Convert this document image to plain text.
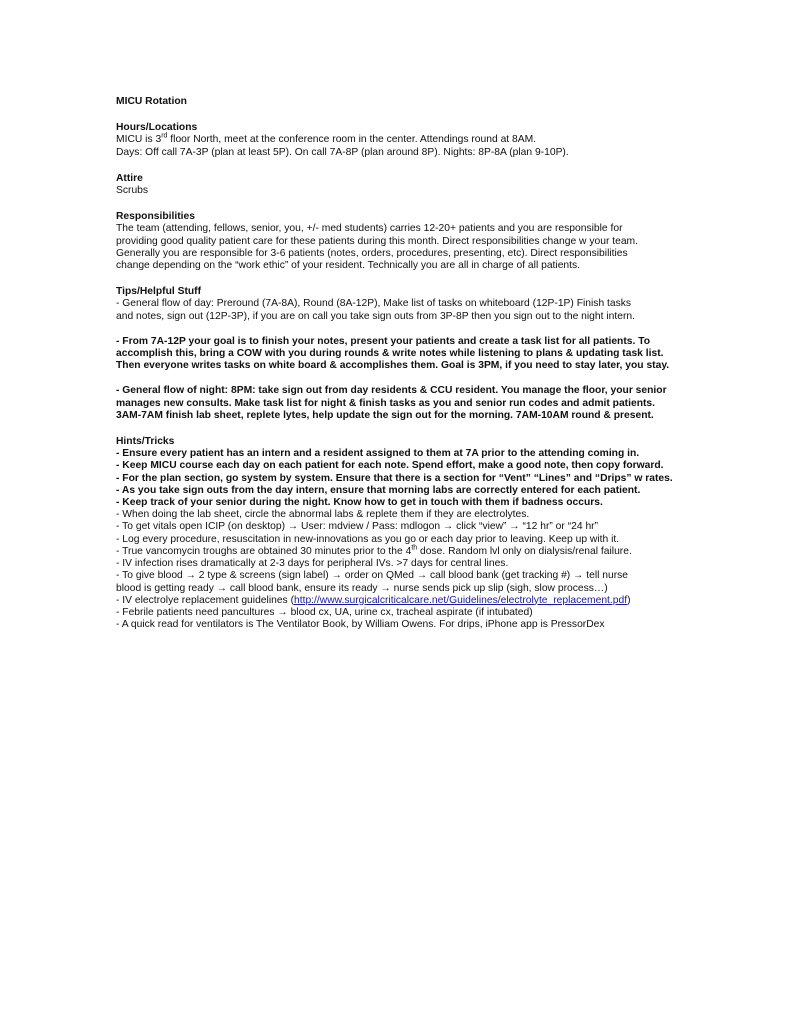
MICU Rotation
Hours/Locations
MICU is 3rd floor North, meet at the conference room in the center. Attendings round at 8AM.
Days: Off call 7A-3P (plan at least 5P). On call 7A-8P (plan around 8P). Nights: 8P-8A (plan 9-10P).
Attire
Scrubs
Responsibilities
The team (attending, fellows, senior, you, +/- med students) carries 12-20+ patients and you are responsible for
providing good quality patient care for these patients during this month. Direct responsibilities change w your team.
Generally you are responsible for 3-6 patients (notes, orders, procedures, presenting, etc). Direct responsibilities
change depending on the “work ethic” of your resident. Technically you are all in charge of all patients.
Tips/Helpful Stuff
- General flow of day: Preround (7A-8A), Round (8A-12P), Make list of tasks on whiteboard (12P-1P) Finish tasks
and notes, sign out (12P-3P), if you are on call you take sign outs from 3P-8P then you sign out to the night intern.
- From 7A-12P your goal is to finish your notes, present your patients and create a task list for all patients. To
accomplish this, bring a COW with you during rounds & write notes while listening to plans & updating task list.
Then everyone writes tasks on white board & accomplishes them. Goal is 3PM, if you need to stay later, you stay.
- General flow of night: 8PM: take sign out from day residents & CCU resident. You manage the floor, your senior
manages new consults. Make task list for night & finish tasks as you and senior run codes and admit patients.
3AM-7AM finish lab sheet, replete lytes, help update the sign out for the morning. 7AM-10AM round & present.
Hints/Tricks
- Ensure every patient has an intern and a resident assigned to them at 7A prior to the attending coming in.
- Keep MICU course each day on each patient for each note. Spend effort, make a good note, then copy forward.
- For the plan section, go system by system. Ensure that there is a section for “Vent” “Lines” and “Drips” w rates.
- As you take sign outs from the day intern, ensure that morning labs are correctly entered for each patient.
- Keep track of your senior during the night. Know how to get in touch with them if badness occurs.
- When doing the lab sheet, circle the abnormal labs & replete them if they are electrolytes.
- To get vitals open ICIP (on desktop) → User: mdview / Pass: mdlogon → click “view” → “12 hr” or “24 hr”
- Log every procedure, resuscitation in new-innovations as you go or each day prior to leaving. Keep up with it.
- True vancomycin troughs are obtained 30 minutes prior to the 4th dose. Random lvl only on dialysis/renal failure.
- IV infection rises dramatically at 2-3 days for peripheral IVs. >7 days for central lines.
- To give blood → 2 type & screens (sign label) → order on QMed → call blood bank (get tracking #) → tell nurse
blood is getting ready → call blood bank, ensure its ready → nurse sends pick up slip (sigh, slow process…)
- IV electrolye replacement guidelines (http://www.surgicalcriticalcare.net/Guidelines/electrolyte_replacement.pdf)
- Febrile patients need pancultures → blood cx, UA, urine cx, tracheal aspirate (if intubated)
- A quick read for ventilators is The Ventilator Book, by William Owens. For drips, iPhone app is PressorDex
